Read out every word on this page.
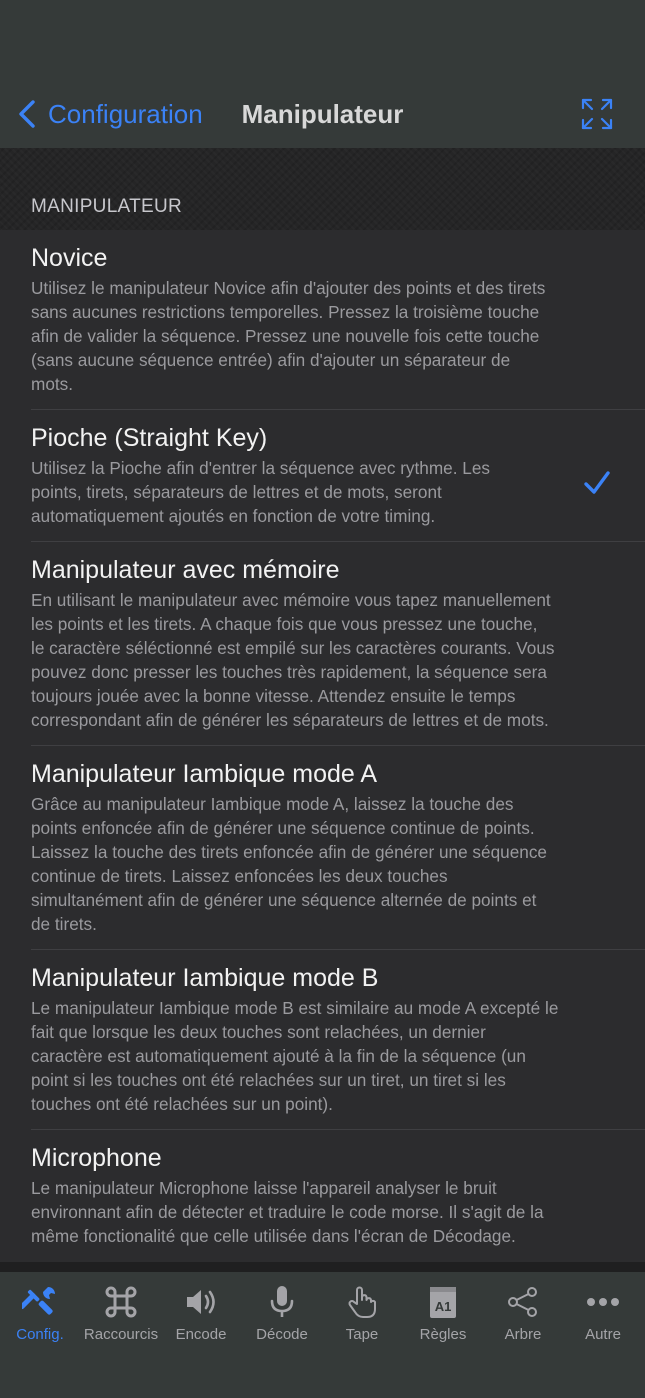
Configuration	Manipulateur
MANIPULATEUR
Novice
Utilisez le manipulateur Novice afin d'ajouter des points et des tirets
sans aucunes restrictions temporelles. Pressez la troisième touche
afin de valider la séquence. Pressez une nouvelle fois cette touche
(sans aucune séquence entrée) afin d'ajouter un séparateur de
mots.
Pioche (Straight Key)
Utilisez la Pioche afin d'entrer la séquence avec rythme. Les
points, tirets, séparateurs de lettres et de mots, seront
automatiquement ajoutés en fonction de votre timing.
Manipulateur avec mémoire
En utilisant le manipulateur avec mémoire vous tapez manuellement
les points et les tirets. A chaque fois que vous pressez une touche,
le caractère séléctionné est empilé sur les caractères courants. Vous
pouvez donc presser les touches très rapidement, la séquence sera
toujours jouée avec la bonne vitesse. Attendez ensuite le temps
correspondant afin de générer les séparateurs de lettres et de mots.
Manipulateur Iambique mode A
Grâce au manipulateur Iambique mode A, laissez la touche des
points enfoncée afin de générer une séquence continue de points.
Laissez la touche des tirets enfoncée afin de générer une séquence
continue de tirets. Laissez enfoncées les deux touches
simultanément afin de générer une séquence alternée de points et
de tirets.
Manipulateur Iambique mode B
Le manipulateur Iambique mode B est similaire au mode A excepté le
fait que lorsque les deux touches sont relachées, un dernier
caractère est automatiquement ajouté à la fin de la séquence (un
point si les touches ont été relachées sur un tiret, un tiret si les
touches ont été relachées sur un point).
Microphone
Le manipulateur Microphone laisse l'appareil analyser le bruit
environnant afin de détecter et traduire le code morse. Il s'agit de la
même fonctionalité que celle utilisée dans l'écran de Décodage.
Config.	Raccourcis	Encode	Décode	Tape
A1
Règles	Arbre	Autre
